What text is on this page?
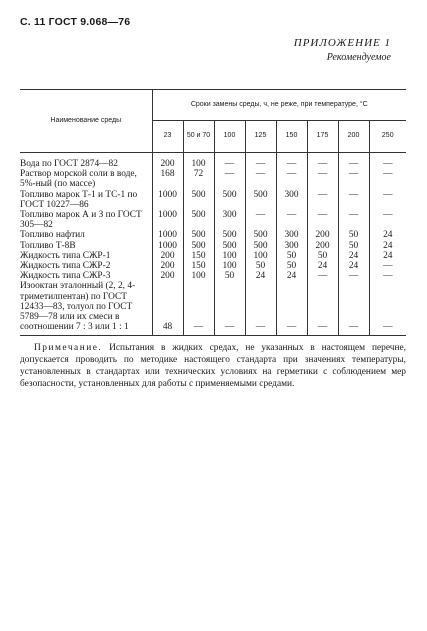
С. 11 ГОСТ 9.068—76
ПРИЛОЖЕНИЕ 1
Рекомендуемое
Наименование среды	Сроки замены среды, ч, не реже, при температуре, °С							
	23	50 и 70	100	125	150	175	200	250
Вода по ГОСТ 2874—82	200	100	—	—	—	—	—	—
Раствор морской соли в воде, 5%-ный (по массе)	168	72	—	—	—	—	—	—
Топливо марок Т-1 и ТС-1 по ГОСТ 10227—86	1000	500	500	500	300	—	—	—
Топливо марок А и З по ГОСТ 305—82	1000	500	300	—	—	—	—	—
Топливо нафтил	1000	500	500	500	300	200	50	24
Топливо Т-8В	1000	500	500	500	300	200	50	24
Жидкость типа СЖР-1	200	150	100	100	50	50	24	24
Жидкость типа СЖР-2	200	150	100	50	50	24	24	—
Жидкость типа СЖР-3	200	100	50	24	24	—	—	—
Изооктан эталонный (2, 2, 4-триметилпентан) по ГОСТ 12433—83, толуол по ГОСТ 5789—78 или их смеси в соотношении 7 : 3 или 1 : 1	48	—	—	—	—	—	—	—
Примечание. Испытания в жидких средах, не указанных в настоящем перечне, допускается проводить по методике настоящего стандарта при значениях температуры, установленных в стандартах или технических условиях на герметики с соблюдением мер безопасности, установленных для работы с применяемыми средами.
